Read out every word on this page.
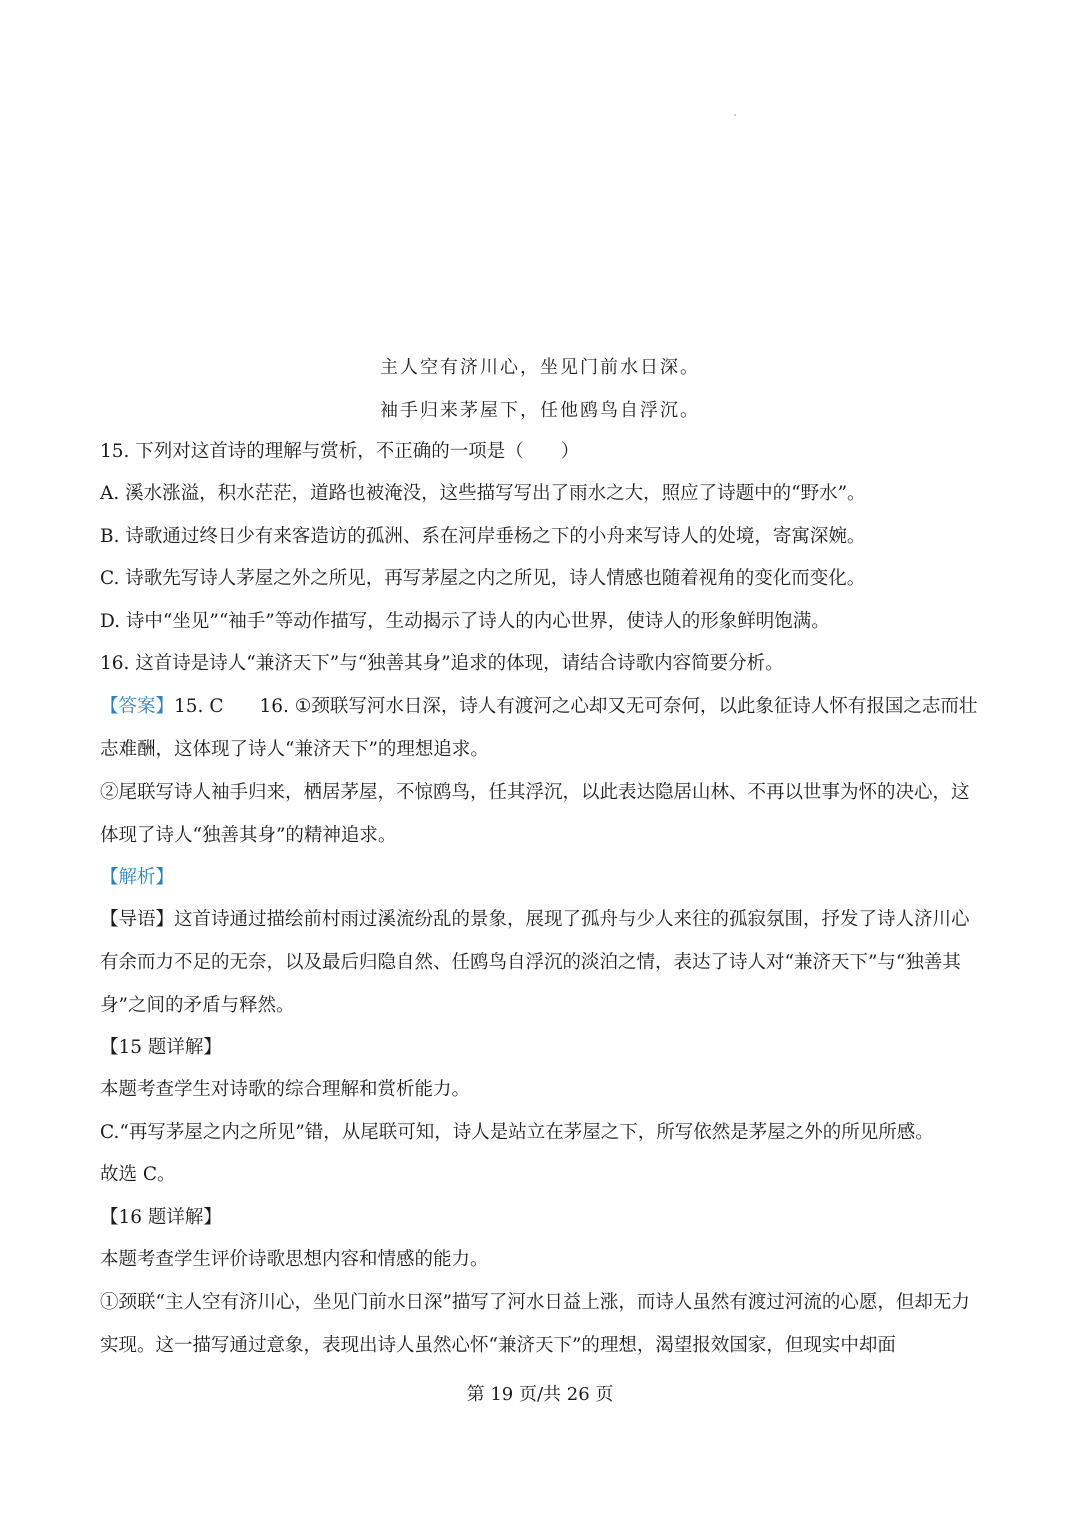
主人空有济川心，坐见门前水日深。
袖手归来茅屋下，任他鸥鸟自浮沉。
15. 下列对这首诗的理解与赏析，不正确的一项是（　　）
A. 溪水涨溢，积水茫茫，道路也被淹没，这些描写写出了雨水之大，照应了诗题中的“野水”。
B. 诗歌通过终日少有来客造访的孤洲、系在河岸垂杨之下的小舟来写诗人的处境，寄寓深婉。
C. 诗歌先写诗人茅屋之外之所见，再写茅屋之内之所见，诗人情感也随着视角的变化而变化。
D. 诗中“坐见”“袖手”等动作描写，生动揭示了诗人的内心世界，使诗人的形象鲜明饱满。
16. 这首诗是诗人“兼济天下”与“独善其身”追求的体现，请结合诗歌内容简要分析。
【答案】15. C 16. ①颈联写河水日深，诗人有渡河之心却又无可奈何，以此象征诗人怀有报国之志而壮志难酬，这体现了诗人“兼济天下”的理想追求。
②尾联写诗人袖手归来，栖居茅屋，不惊鸥鸟，任其浮沉，以此表达隐居山林、不再以世事为怀的决心，这体现了诗人“独善其身”的精神追求。
【解析】
【导语】这首诗通过描绘前村雨过溪流纷乱的景象，展现了孤舟与少人来往的孤寂氛围，抒发了诗人济川心有余而力不足的无奈，以及最后归隐自然、任鸥鸟自浮沉的淡泊之情，表达了诗人对“兼济天下”与“独善其身”之间的矛盾与释然。
【15 题详解】
本题考查学生对诗歌的综合理解和赏析能力。
C.“再写茅屋之内之所见”错，从尾联可知，诗人是站立在茅屋之下，所写依然是茅屋之外的所见所感。
故选 C。
【16 题详解】
本题考查学生评价诗歌思想内容和情感的能力。
①颈联“主人空有济川心，坐见门前水日深”描写了河水日益上涨，而诗人虽然有渡过河流的心愿，但却无力实现。这一描写通过意象，表现出诗人虽然心怀“兼济天下”的理想，渴望报效国家，但现实中却面
第 19 页/共 26 页
